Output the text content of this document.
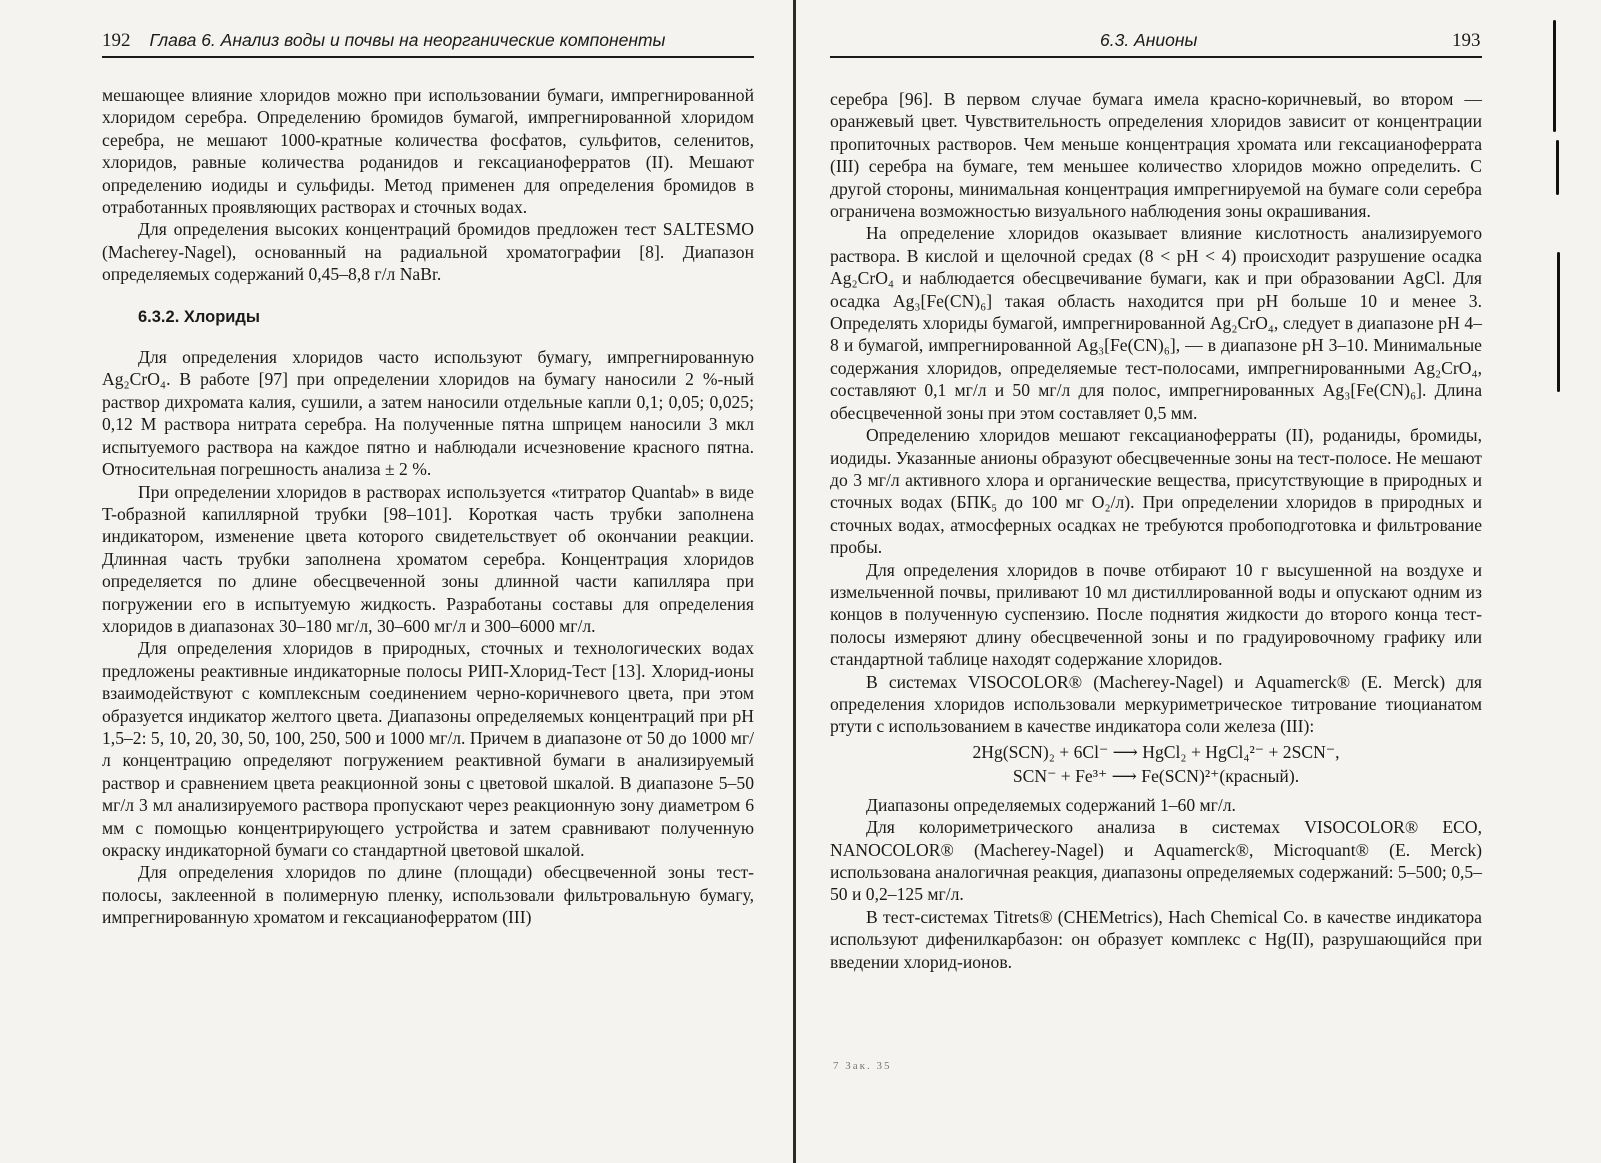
192 Глава 6. Анализ воды и почвы на неорганические компоненты

мешающее влияние хлоридов можно при использовании бумаги, импрегнированной хлоридом серебра. Определению бромидов бумагой, импрегнированной хлоридом серебра, не мешают 1000-кратные количества фосфатов, сульфитов, селенитов, хлоридов, равные количества роданидов и гексацианоферратов (II). Мешают определению иодиды и сульфиды. Метод применен для определения бромидов в отработанных проявляющих растворах и сточных водах.

Для определения высоких концентраций бромидов предложен тест SALTESMO (Macherey-Nagel), основанный на радиальной хроматографии [8]. Диапазон определяемых содержаний 0,45–8,8 г/л NaBr.

6.3.2. Хлориды

Для определения хлоридов часто используют бумагу, импрегнированную Ag₂CrO₄. В работе [97] при определении хлоридов на бумагу наносили 2 %-ный раствор дихромата калия, сушили, а затем наносили отдельные капли 0,1; 0,05; 0,025; 0,12 М раствора нитрата серебра. На полученные пятна шприцем наносили 3 мкл испытуемого раствора на каждое пятно и наблюдали исчезновение красного пятна. Относительная погрешность анализа ± 2 %.

При определении хлоридов в растворах используется «титратор Quantab» в виде T-образной капиллярной трубки [98–101]. Короткая часть трубки заполнена индикатором, изменение цвета которого свидетельствует об окончании реакции. Длинная часть трубки заполнена хроматом серебра. Концентрация хлоридов определяется по длине обесцвеченной зоны длинной части капилляра при погружении его в испытуемую жидкость. Разработаны составы для определения хлоридов в диапазонах 30–180 мг/л, 30–600 мг/л и 300–6000 мг/л.

Для определения хлоридов в природных, сточных и технологических водах предложены реактивные индикаторные полосы РИП-Хлорид-Тест [13]. Хлорид-ионы взаимодействуют с комплексным соединением черно-коричневого цвета, при этом образуется индикатор желтого цвета. Диапазоны определяемых концентраций при pH 1,5–2: 5, 10, 20, 30, 50, 100, 250, 500 и 1000 мг/л. Причем в диапазоне от 50 до 1000 мг/л концентрацию определяют погружением реактивной бумаги в анализируемый раствор и сравнением цвета реакционной зоны с цветовой шкалой. В диапазоне 5–50 мг/л 3 мл анализируемого раствора пропускают через реакционную зону диаметром 6 мм с помощью концентрирующего устройства и затем сравнивают полученную окраску индикаторной бумаги со стандартной цветовой шкалой.

Для определения хлоридов по длине (площади) обесцвеченной зоны тест-полосы, заклеенной в полимерную пленку, использовали фильтровальную бумагу, импрегнированную хроматом и гексацианоферратом (III)

6.3. Анионы	193

серебра [96]. В первом случае бумага имела красно-коричневый, во втором — оранжевый цвет. Чувствительность определения хлоридов зависит от концентрации пропиточных растворов. Чем меньше концентрация хромата или гексацианоферрата (III) серебра на бумаге, тем меньшее количество хлоридов можно определить. С другой стороны, минимальная концентрация импрегнируемой на бумаге соли серебра ограничена возможностью визуального наблюдения зоны окрашивания.

На определение хлоридов оказывает влияние кислотность анализируемого раствора. В кислой и щелочной средах (8 < pH < 4) происходит разрушение осадка Ag₂CrO₄ и наблюдается обесцвечивание бумаги, как и при образовании AgCl. Для осадка Ag₃[Fe(CN)₆] такая область находится при pH больше 10 и менее 3. Определять хлориды бумагой, импрегнированной Ag₂CrO₄, следует в диапазоне pH 4–8 и бумагой, импрегнированной Ag₃[Fe(CN)₆], — в диапазоне pH 3–10. Минимальные содержания хлоридов, определяемые тест-полосами, импрегнированными Ag₂CrO₄, составляют 0,1 мг/л и 50 мг/л для полос, импрегнированных Ag₃[Fe(CN)₆]. Длина обесцвеченной зоны при этом составляет 0,5 мм.

Определению хлоридов мешают гексацианоферраты (II), роданиды, бромиды, иодиды. Указанные анионы образуют обесцвеченные зоны на тест-полосе. Не мешают до 3 мг/л активного хлора и органические вещества, присутствующие в природных и сточных водах (БПК₅ до 100 мг O₂/л). При определении хлоридов в природных и сточных водах, атмосферных осадках не требуются пробоподготовка и фильтрование пробы.

Для определения хлоридов в почве отбирают 10 г высушенной на воздухе и измельченной почвы, приливают 10 мл дистиллированной воды и опускают одним из концов в полученную суспензию. После поднятия жидкости до второго конца тест-полосы измеряют длину обесцвеченной зоны и по градуировочному графику или стандартной таблице находят содержание хлоридов.

В системах VISOCOLOR® (Macherey-Nagel) и Aquamerck® (E. Merck) для определения хлоридов использовали меркуриметрическое титрование тиоцианатом ртути с использованием в качестве индикатора соли железа (III):

2Hg(SCN)₂ + 6Cl⁻ ⟶ HgCl₂ + HgCl₄²⁻ + 2SCN⁻,
SCN⁻ + Fe³⁺ ⟶ Fe(SCN)²⁺(красный).

Диапазоны определяемых содержаний 1–60 мг/л.

Для колориметрического анализа в системах VISOCOLOR® ECO, NANOCOLOR® (Macherey-Nagel) и Aquamerck®, Microquant® (E. Merck) использована аналогичная реакция, диапазоны определяемых содержаний: 5–500; 0,5–50 и 0,2–125 мг/л.

В тест-системах Titrets® (CHEMetrics), Hach Chemical Co. в качестве индикатора используют дифенилкарбазон: он образует комплекс с Hg(II), разрушающийся при введении хлорид-ионов.

7 Зак. 35
